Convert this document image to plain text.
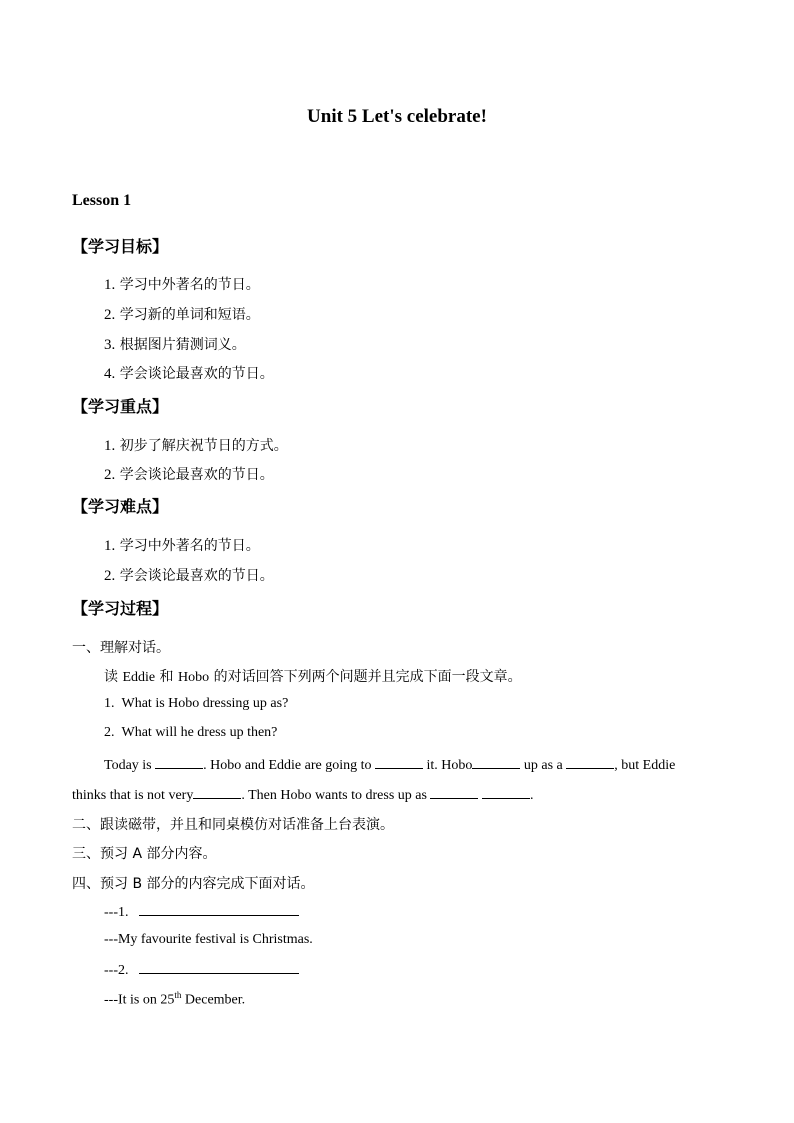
Unit 5 Let's celebrate!
Lesson 1
【学习目标】
1. 学习中外著名的节日。
2. 学习新的单词和短语。
3. 根据图片猜测词义。
4. 学会谈论最喜欢的节日。
【学习重点】
1. 初步了解庆祝节日的方式。
2. 学会谈论最喜欢的节日。
【学习难点】
1. 学习中外著名的节日。
2. 学会谈论最喜欢的节日。
【学习过程】
一、理解对话。
读 Eddie 和 Hobo 的对话回答下列两个问题并且完成下面一段文章。
1. What is Hobo dressing up as?
2. What will he dress up then?
Today is	. Hobo and Eddie are going to	it. Hobo	up as a	, but Eddie
thinks that is not very	. Then Hobo wants to dress up as	.
二、跟读磁带，并且和同桌模仿对话准备上台表演。
三、预习 A 部分内容。
四、预习 B 部分的内容完成下面对话。
---1.
---My favourite festival is Christmas.
---2.
---It is on 25th December.
